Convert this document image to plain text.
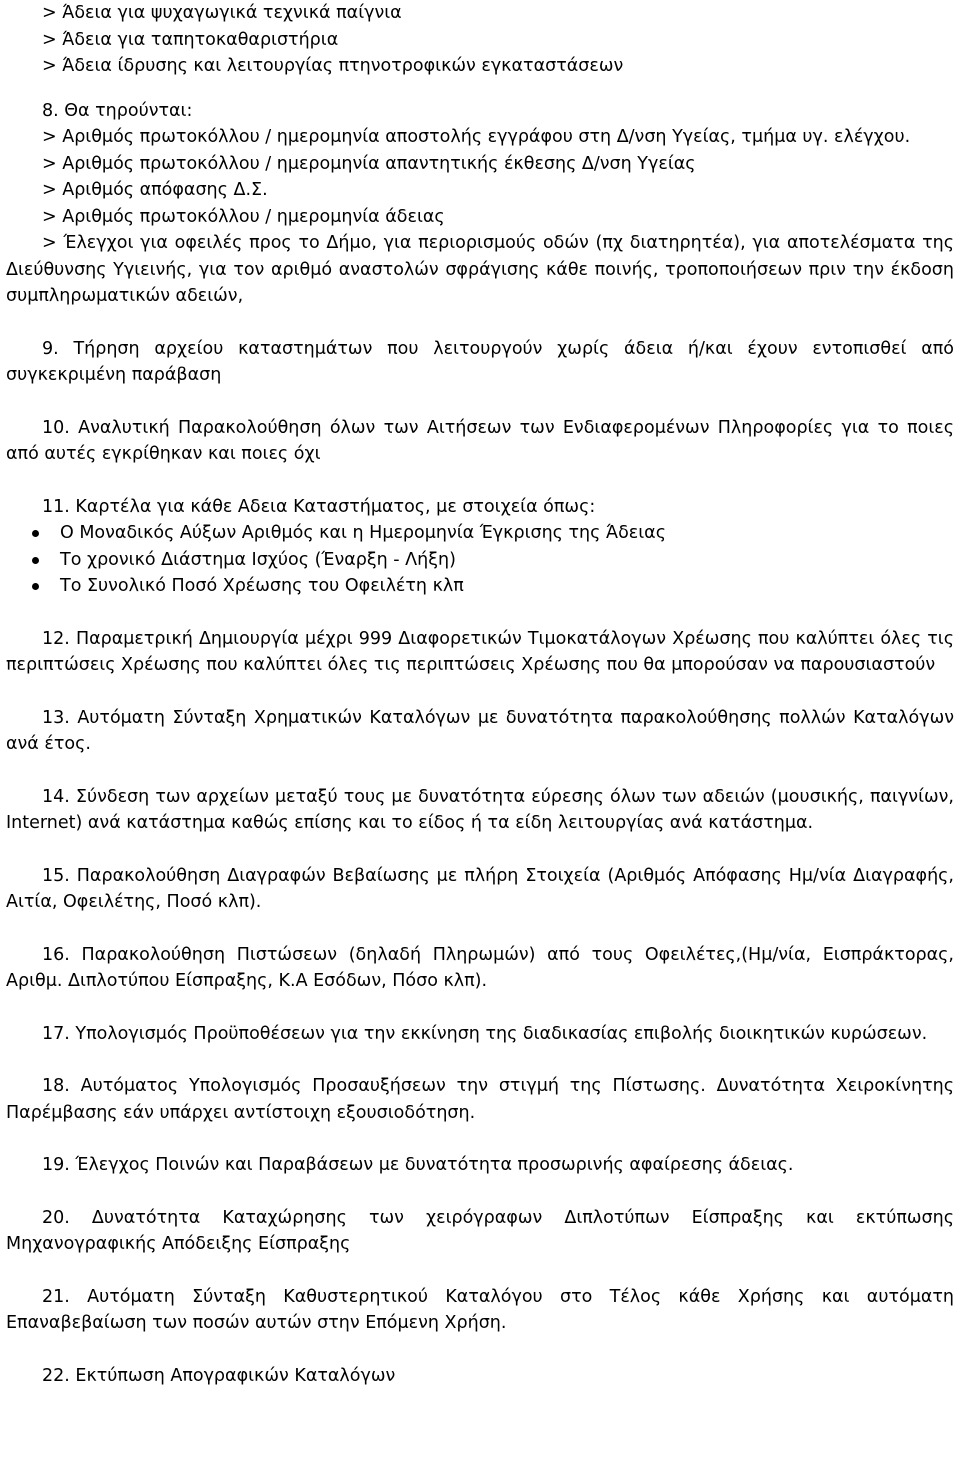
> Άδεια για ψυχαγωγικά τεχνικά παίγνια

> Άδεια για ταπητοκαθαριστήρια

> Άδεια ίδρυσης και λειτουργίας πτηνοτροφικών εγκαταστάσεων

8. Θα τηρούνται:

> Αριθμός πρωτοκόλλου / ημερομηνία αποστολής εγγράφου στη Δ/νση Υγείας, τμήμα υγ. ελέγχου.

> Αριθμός πρωτοκόλλου / ημερομηνία απαντητικής έκθεσης Δ/νση Υγείας

> Αριθμός απόφασης Δ.Σ.

> Αριθμός πρωτοκόλλου / ημερομηνία άδειας

> Έλεγχοι για οφειλές προς το Δήμο, για περιορισμούς οδών (πχ διατηρητέα), για αποτελέσματα της Διεύθυνσης Υγιεινής, για τον αριθμό αναστολών σφράγισης κάθε ποινής, τροποποιήσεων πριν την έκδοση συμπληρωματικών αδειών,

9. Τήρηση αρχείου καταστημάτων που λειτουργούν χωρίς άδεια ή/και έχουν εντοπισθεί από συγκεκριμένη παράβαση

10. Αναλυτική Παρακολούθηση όλων των Αιτήσεων των Ενδιαφερομένων Πληροφορίες για το ποιες από αυτές εγκρίθηκαν και ποιες όχι

11. Καρτέλα για κάθε Αδεια Καταστήματος, με στοιχεία όπως:

Ο Μοναδικός Αύξων Αριθμός και η Ημερομηνία Έγκρισης της Άδειας
Το χρονικό Διάστημα Ισχύος (Έναρξη - Λήξη)
Το Συνολικό Ποσό Χρέωσης του Οφειλέτη κλπ

12. Παραμετρική Δημιουργία μέχρι 999 Διαφορετικών Τιμοκατάλογων Χρέωσης που καλύπτει όλες τις περιπτώσεις Χρέωσης που καλύπτει όλες τις περιπτώσεις Χρέωσης που θα μπορούσαν να παρουσιαστούν

13. Αυτόματη Σύνταξη Χρηματικών Καταλόγων με δυνατότητα παρακολούθησης πολλών Καταλόγων ανά έτος.

14. Σύνδεση των αρχείων μεταξύ τους με δυνατότητα εύρεσης όλων των αδειών (μουσικής, παιγνίων, Internet) ανά κατάστημα καθώς επίσης και το είδος ή τα είδη λειτουργίας ανά κατάστημα.

15. Παρακολούθηση Διαγραφών Βεβαίωσης με πλήρη Στοιχεία (Αριθμός Απόφασης Ημ/νία Διαγραφής, Αιτία, Οφειλέτης, Ποσό κλπ).

16. Παρακολούθηση Πιστώσεων (δηλαδή Πληρωμών) από τους Οφειλέτες,(Ημ/νία, Εισπράκτορας, Αριθμ. Διπλοτύπου Είσπραξης, Κ.Α Εσόδων, Πόσο κλπ).

17. Υπολογισμός Προϋποθέσεων για την εκκίνηση της διαδικασίας επιβολής διοικητικών κυρώσεων.

18. Αυτόματος Υπολογισμός Προσαυξήσεων την στιγμή της Πίστωσης. Δυνατότητα Χειροκίνητης Παρέμβασης εάν υπάρχει αντίστοιχη εξουσιοδότηση.

19. Έλεγχος Ποινών και Παραβάσεων με δυνατότητα προσωρινής αφαίρεσης άδειας.

20. Δυνατότητα Καταχώρησης των χειρόγραφων Διπλοτύπων Είσπραξης και εκτύπωσης Μηχανογραφικής Απόδειξης Είσπραξης

21. Αυτόματη Σύνταξη Καθυστερητικού Καταλόγου στο Τέλος κάθε Χρήσης και αυτόματη Επαναβεβαίωση των ποσών αυτών στην Επόμενη Χρήση.

22. Εκτύπωση Απογραφικών Καταλόγων
